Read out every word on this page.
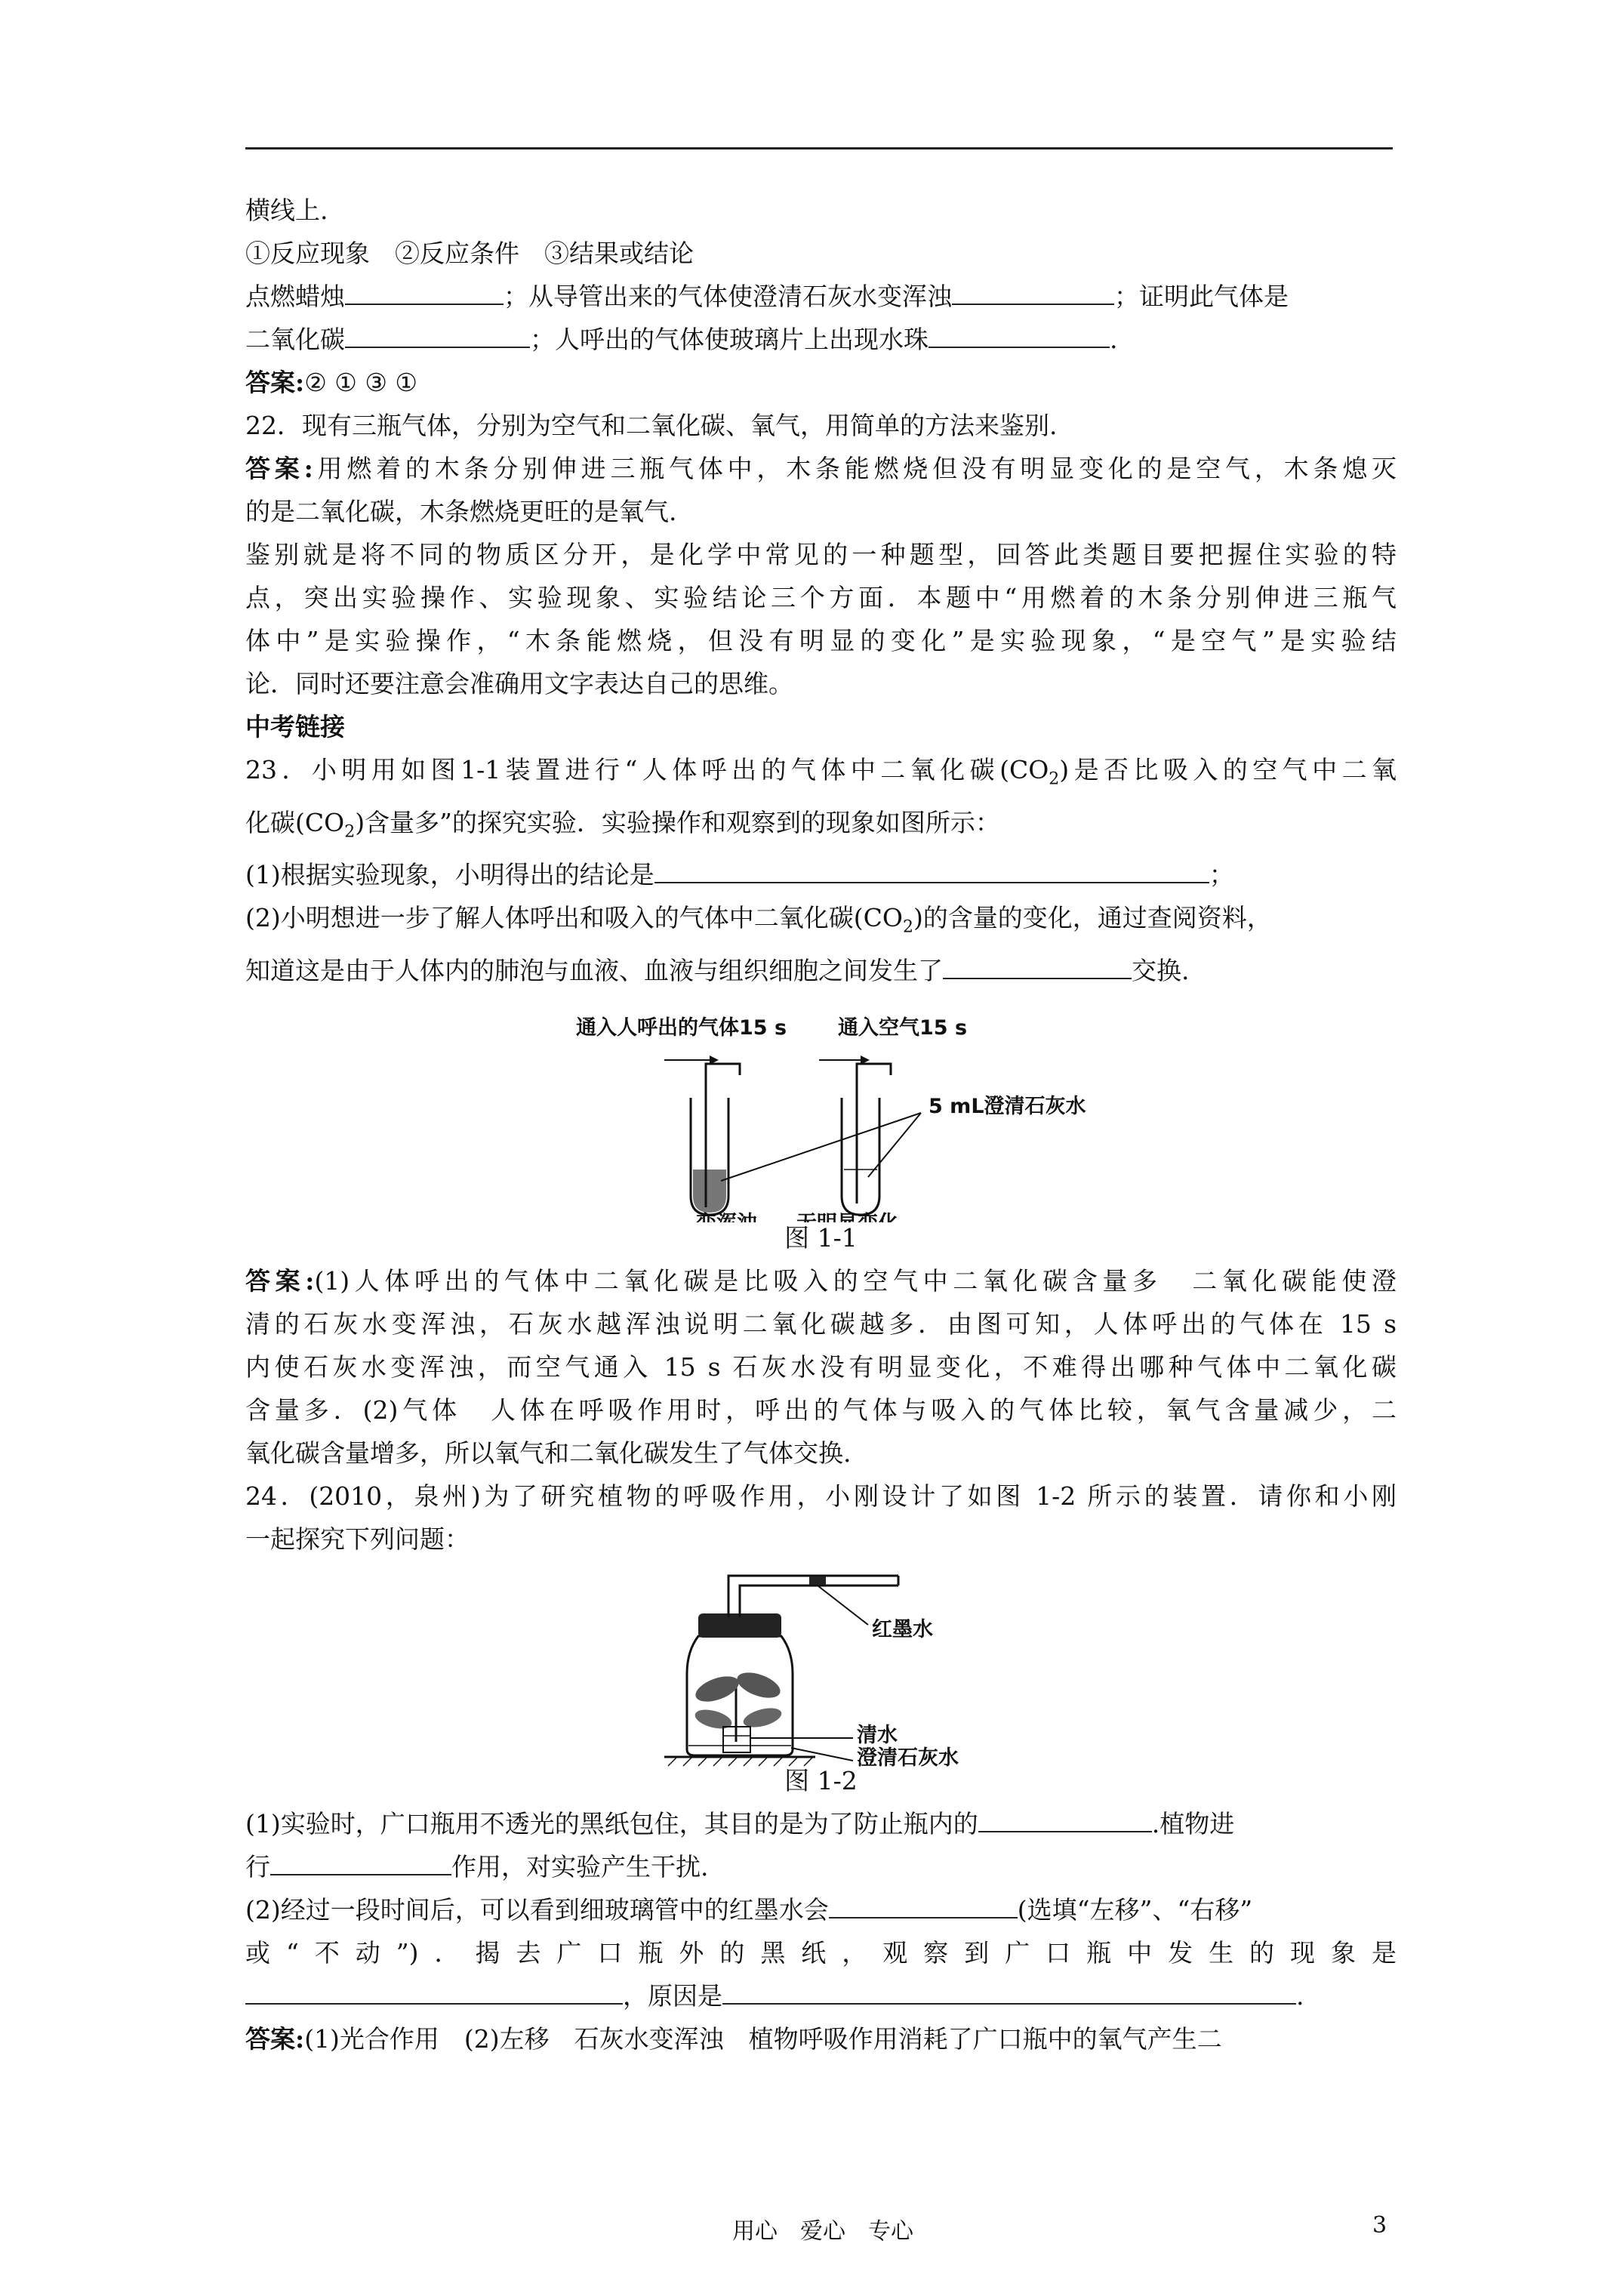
横线上.
①反应现象　②反应条件　③结果或结论
点燃蜡烛	；从导管出来的气体使澄清石灰水变浑浊	；证明此气体是
二氧化碳	；人呼出的气体使玻璃片上出现水珠	.
答案:② ① ③ ①
22．现有三瓶气体，分别为空气和二氧化碳、氧气，用简单的方法来鉴别.
答案:用燃着的木条分别伸进三瓶气体中，木条能燃烧但没有明显变化的是空气，木条熄灭
的是二氧化碳，木条燃烧更旺的是氧气.
鉴别就是将不同的物质区分开，是化学中常见的一种题型，回答此类题目要把握住实验的特
点，突出实验操作、实验现象、实验结论三个方面．本题中“用燃着的木条分别伸进三瓶气
体中”是实验操作，“木条能燃烧，但没有明显的变化”是实验现象，“是空气”是实验结
论．同时还要注意会准确用文字表达自己的思维。
中考链接
23．小明用如图1-1装置进行“人体呼出的气体中二氧化碳$(CO_2)$是否比吸入的空气中二氧
化碳$(CO_2)$含量多”的探究实验．实验操作和观察到的现象如图所示：
(1)根据实验现象，小明得出的结论是	；
(2)小明想进一步了解人体呼出和吸入的气体中二氧化碳$(CO_2)$的含量的变化，通过查阅资料，
知道这是由于人体内的肺泡与血液、血液与组织细胞之间发生了	交换.
通入人呼出的气体15 s	通入空气15 s
5 mL澄清石灰水
图 1-1
答案:(1)人体呼出的气体中二氧化碳是比吸入的空气中二氧化碳含量多　二氧化碳能使澄
清的石灰水变浑浊，石灰水越浑浊说明二氧化碳越多．由图可知，人体呼出的气体在 15 s
内使石灰水变浑浊，而空气通入 15 s 石灰水没有明显变化，不难得出哪种气体中二氧化碳
含量多．(2)气体　人体在呼吸作用时，呼出的气体与吸入的气体比较，氧气含量减少，二
氧化碳含量增多，所以氧气和二氧化碳发生了气体交换.
24．(2010，泉州)为了研究植物的呼吸作用，小刚设计了如图 1-2 所示的装置．请你和小刚
一起探究下列问题：
红墨水
清水
澄清石灰水
图 1-2
(1)实验时，广口瓶用不透光的黑纸包住，其目的是为了防止瓶内的	.植物进
行	作用，对实验产生干扰.
(2)经过一段时间后，可以看到细玻璃管中的红墨水会	(选填“左移”、“右移”
或“不动”)．揭去广口瓶外的黑纸，观察到广口瓶中发生的现象是
，原因是	.
答案:(1)光合作用　(2)左移　石灰水变浑浊　植物呼吸作用消耗了广口瓶中的氧气产生二
用心　爱心　专心	3
